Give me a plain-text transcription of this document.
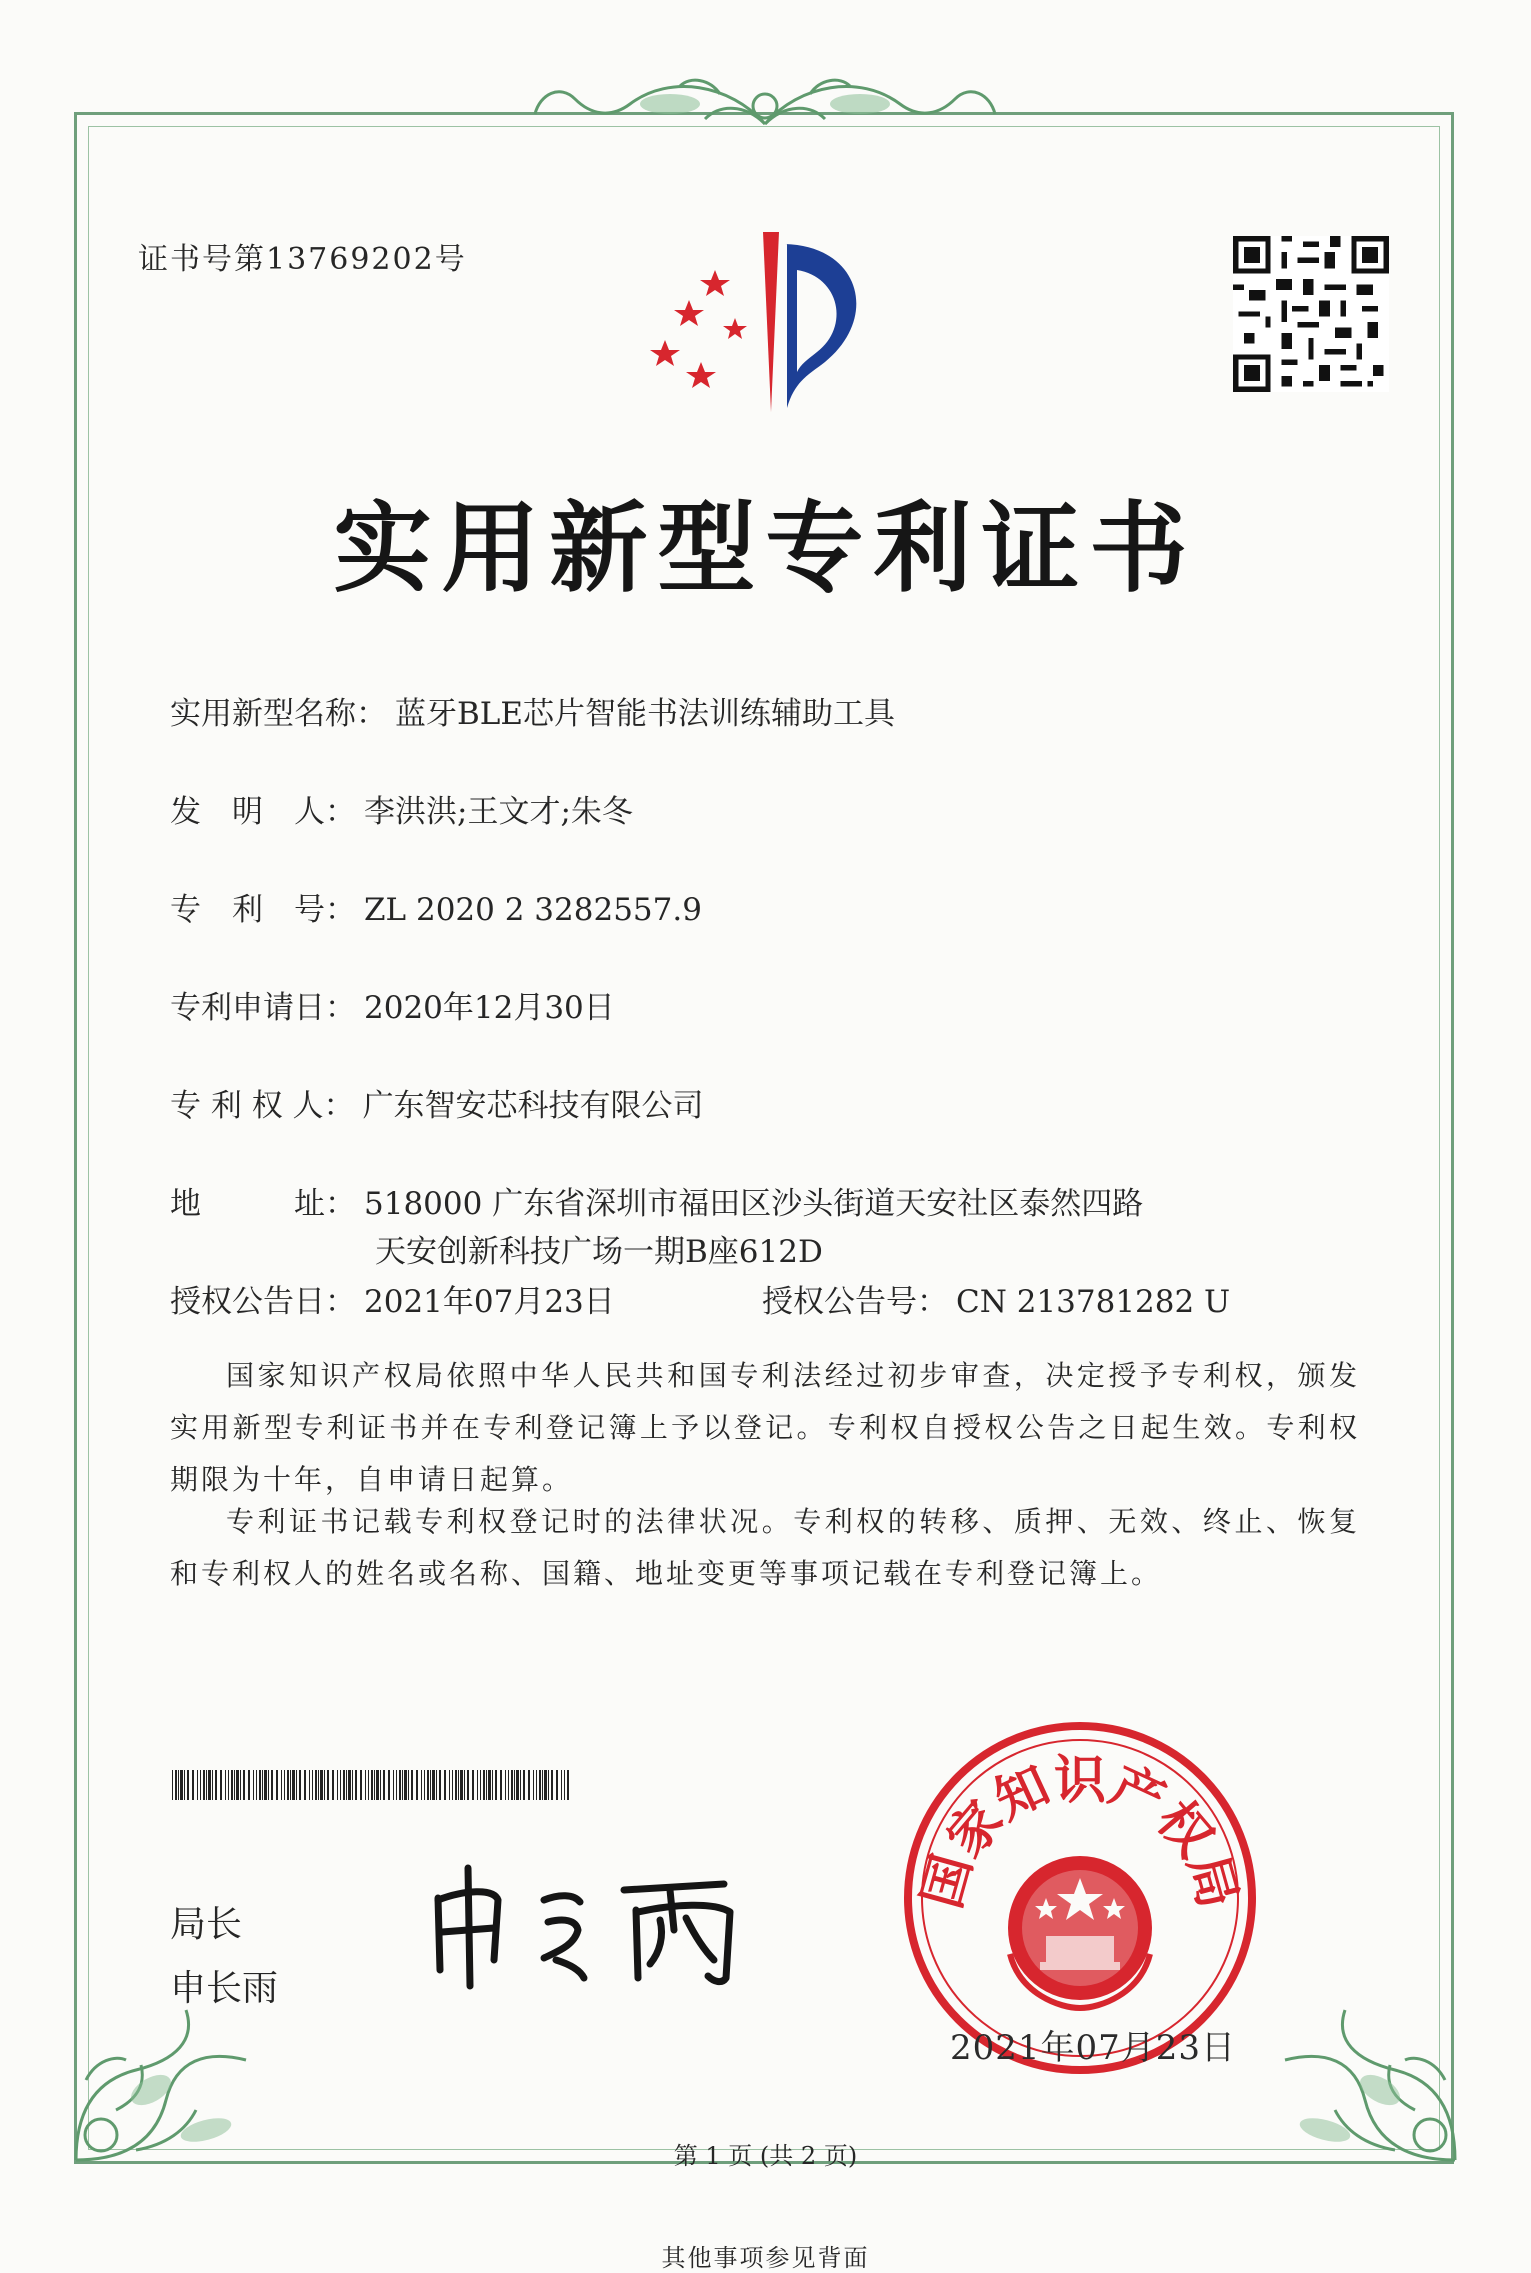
证书号第13769202号
实用新型专利证书
实用新型名称： 蓝牙BLE芯片智能书法训练辅助工具
发　明　人： 李洪洪;王文才;朱冬
专　利　号： ZL 2020 2 3282557.9
专利申请日： 2020年12月30日
专 利 权 人： 广东智安芯科技有限公司
地　　　址： 518000 广东省深圳市福田区沙头街道天安社区泰然四路
天安创新科技广场一期B座612D
授权公告日： 2021年07月23日	授权公告号： CN 213781282 U
国家知识产权局依照中华人民共和国专利法经过初步审查，决定授予专利权，颁发实用新型专利证书并在专利登记簿上予以登记。专利权自授权公告之日起生效。专利权期限为十年，自申请日起算。
专利证书记载专利权登记时的法律状况。专利权的转移、质押、无效、终止、恢复和专利权人的姓名或名称、国籍、地址变更等事项记载在专利登记簿上。
局长
申长雨
国家知识产权局
2021年07月23日
第 1 页 (共 2 页)
其他事项参见背面
